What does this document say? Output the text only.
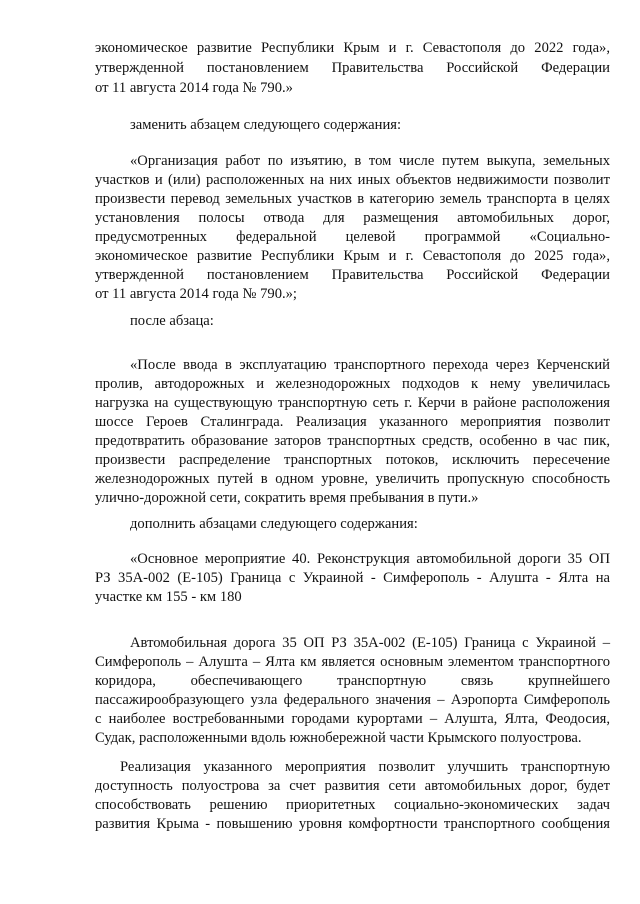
экономическое развитие Республики Крым и г. Севастополя до 2022 года»,
утвержденной постановлением Правительства Российской Федерации
от 11 августа 2014 года № 790.»
заменить абзацем следующего содержания:
«Организация работ по изъятию, в том числе путем выкупа, земельных
участков и (или) расположенных на них иных объектов недвижимости позволит
произвести перевод земельных участков в категорию земель транспорта в целях
установления полосы отвода для размещения автомобильных дорог,
предусмотренных федеральной целевой программой «Социально-
экономическое развитие Республики Крым и г. Севастополя до 2025 года»,
утвержденной постановлением Правительства Российской Федерации
от 11 августа 2014 года № 790.»;
после абзаца:
«После ввода в эксплуатацию транспортного перехода через Керченский
пролив, автодорожных и железнодорожных подходов к нему увеличилась
нагрузка на существующую транспортную сеть г. Керчи в районе расположения
шоссе Героев Сталинграда. Реализация указанного мероприятия позволит
предотвратить образование заторов транспортных средств, особенно в час пик,
произвести распределение транспортных потоков, исключить пересечение
железнодорожных путей в одном уровне, увеличить пропускную способность
улично-дорожной сети, сократить время пребывания в пути.»
дополнить абзацами следующего содержания:
«Основное мероприятие 40. Реконструкция автомобильной дороги 35 ОП
РЗ 35А-002 (Е-105) Граница с Украиной - Симферополь - Алушта - Ялта на
участке км 155 - км 180
Автомобильная дорога 35 ОП РЗ 35А-002 (Е-105) Граница с Украиной –
Симферополь – Алушта – Ялта км является основным элементом транспортного
коридора, обеспечивающего транспортную связь крупнейшего
пассажирообразующего узла федерального значения – Аэропорта Симферополь
с наиболее востребованными городами курортами – Алушта, Ялта, Феодосия,
Судак, расположенными вдоль южнобережной части Крымского полуострова.
Реализация указанного мероприятия позволит улучшить транспортную
доступность полуострова за счет развития сети автомобильных дорог, будет
способствовать решению приоритетных социально-экономических задач
развития Крыма - повышению уровня комфортности транспортного сообщения
